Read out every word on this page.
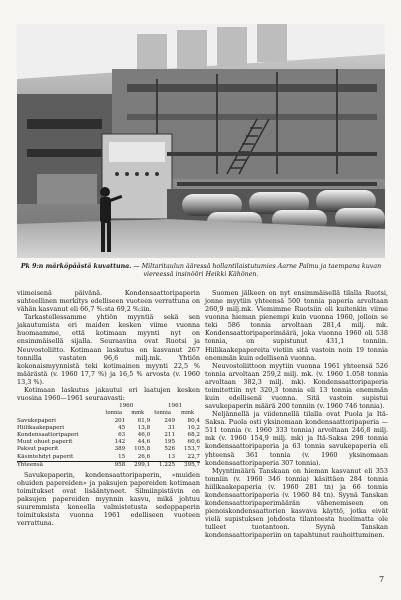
Pk 9:n märköpäästä kuvattuna. — Miltaritaulun ääressä hollantilaistutumies Aarne Palmu ja taempana kuvan viereessä insinööri Heikki Kähönen.

viimeisenä päivänä. Kondensaattoripaperin suhteellinen merkitys edelliseen vuoteen verrattuna on vähän kasvanut eli 66,7 %:sta 69,2 %:iin.

Tarkastellessamme yhtiön myyntiä sekä sen jakautumista eri maiden kesken viime vuonna huomaamme, että kotimaan myynti nyt on ensimmäisellä sijalla. Seuraavina ovat Ruotsi ja Neuvostoliitto. Kotimaan laskutus on kasvanut 267 tonnilla vastaten 96,6 milj.mk. Yhtiön kokonaismyynnistä teki kotimainen myynti 22,5 % määrästä (v. 1960 17,7 %) ja 16,5 % arvosta (v. 1960 13,3 %).

Kotimaan laskutus jakautui eri laatujen kesken vuosina 1960—1961 seuraavasti:

	1960		1961	
	tonnia	mmk	tonnia	mmk
Savukepaperi	201	61,9	249	80,4
Hiilikaakepaperi	45	13,8	31	10,2
Kondensaattoripaperi	63	46,0	211	68,2
Muut ohuet paperit	142	44,6	195	60,6
Paksut paperit	389	105,8	526	153,7
Käsintehdyt paperit	15	26,6	13	22,7
Yhteensä	958	299,1	1.225	395,7

Savukepaperin, kondensaattoripaperin, »muiden ohuiden papereiden» ja paksujen papereiden kotimaan toimitukset ovat lisääntyneet. Silmiinpistävin on paksujen papereiden myynnin kasvu, mikä johtuu suuremmista koneella valmistetusta sedeppaperin toimituksista vuonna 1961 edelliseen vuoteen verrattuna.

Suomen jälkeen on nyt ensimmäisellä tilalla Ruotsi, jonne myytiin yhteensä 500 tonnia paperia arvoltaan 260,9 milj.mk. Viemimme Ruotsiin oli kuitenkin viime vuonna hieman pienempi kuin vuonna 1960, jolloin se teki 586 tonnia arvoltaan 281,4 milj. mk. Kondensaattoripaperimäärä, joka vuonna 1960 oli 538 tonnia, on supistunut 431,1 tonniin. Hiilikaakepapereita vietiin sitä vastoin noin 19 tonnia enemmän kuin edellisenä vuonna.

Neuvostoliittoon myytiin vuonna 1961 yhteensä 526 tonnia arvoltaan 259,2 milj. mk. (v. 1960 1.058 tonnia arvoltaan 382,3 milj. mk). Kondensaattoripaperia toimitettiin nyt 320,3 tonnia eli 13 tonnia enemmän kuin edellisenä vuonna. Sitä vastoin supistui savukepaperin määrä 200 tonniin (v. 1960 746 tonnia).

Neljännellä ja viidennellä tilalla ovat Puola ja Itä-Saksa. Puola osti yksinomaan kondensaattoripaperia — 511 tonnia (v. 1960 333 tonnia) arvoltaan 246,8 milj. mk (v. 1960 154,9 milj. mk) ja Itä-Saksa 298 tonnia kondensaattoripaperia ja 63 tonnia savukepaperia eli yhteensä 361 tonnia (v. 1960 yksinomaan kondensaattoripaperia 307 tonnia).

Myyntimäärä Tanskaan on hieman kasvanut eli 353 tonniin (v. 1960 346 tonnia) käsittäen 284 tonnia hiilikaakepaperia (v. 1960 281 tn) ja 66 tonnia kondensaattoripaperia (v. 1960 84 tn). Syynä Tanskan kondensaattoripaperimäärän vähenemiseen on pienoiskondensaattorien kasvava käyttö, jotka eivät vielä supistuksen johdosta tilanteesta huolimatta ole tulleet tuotantoon. Syynä Tanskan kondensaattoripaperiin on tapahtunut rauhoittuminen.

7
